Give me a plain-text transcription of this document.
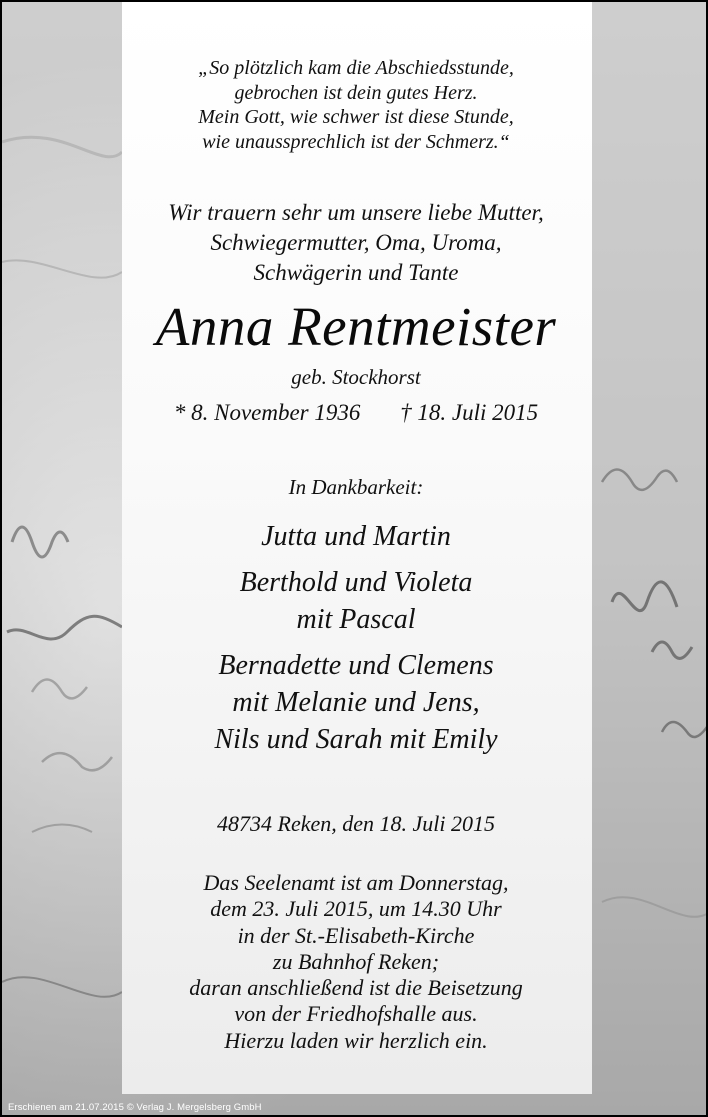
„So plötzlich kam die Abschiedsstunde,
gebrochen ist dein gutes Herz.
Mein Gott, wie schwer ist diese Stunde,
wie unaussprechlich ist der Schmerz.“
Wir trauern sehr um unsere liebe Mutter,
Schwiegermutter, Oma, Uroma,
Schwägerin und Tante
Anna Rentmeister
geb. Stockhorst
* 8. November 1936 † 18. Juli 2015
In Dankbarkeit:
Jutta und Martin
Berthold und Violeta
mit Pascal
Bernadette und Clemens
mit Melanie und Jens,
Nils und Sarah mit Emily
48734 Reken, den 18. Juli 2015
Das Seelenamt ist am Donnerstag,
dem 23. Juli 2015, um 14.30 Uhr
in der St.-Elisabeth-Kirche
zu Bahnhof Reken;
daran anschließend ist die Beisetzung
von der Friedhofshalle aus.
Hierzu laden wir herzlich ein.
Erschienen am 21.07.2015 © Verlag J. Mergelsberg GmbH
